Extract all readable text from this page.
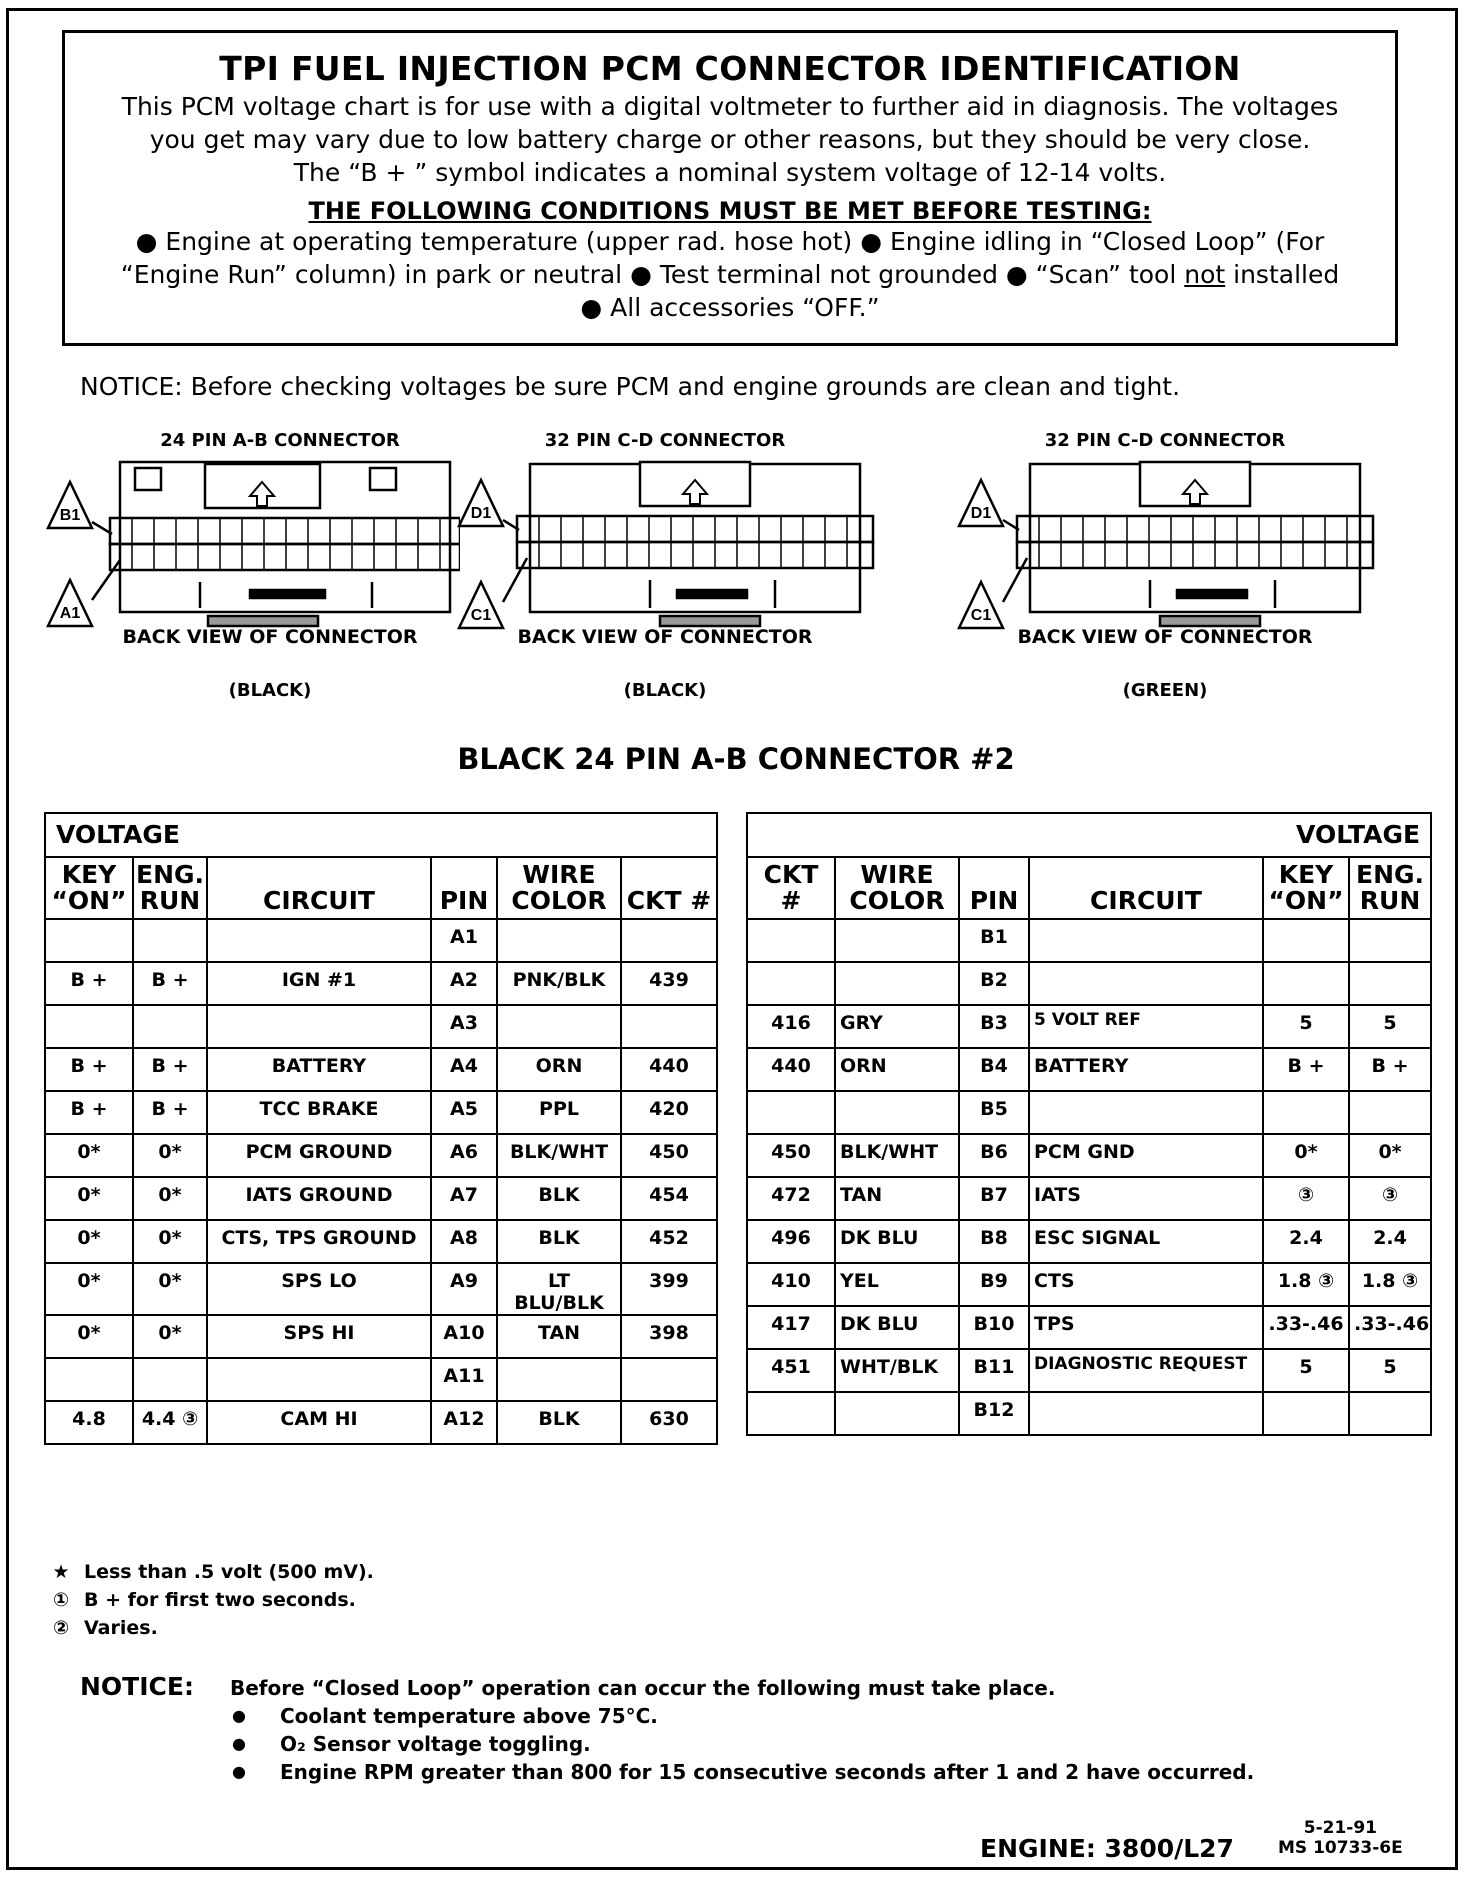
TPI FUEL INJECTION PCM CONNECTOR IDENTIFICATION
This PCM voltage chart is for use with a digital voltmeter to further aid in diagnosis. The voltages
you get may vary due to low battery charge or other reasons, but they should be very close.
The “B + ” symbol indicates a nominal system voltage of 12-14 volts.
THE FOLLOWING CONDITIONS MUST BE MET BEFORE TESTING:
● Engine at operating temperature (upper rad. hose hot) ● Engine idling in “Closed Loop” (For
“Engine Run” column) in park or neutral ● Test terminal not grounded ● “Scan” tool not installed
● All accessories “OFF.”
NOTICE: Before checking voltages be sure PCM and engine grounds are clean and tight.
24 PIN A-B CONNECTOR
B1
A1
BACK VIEW OF CONNECTOR
(BLACK)
32 PIN C-D CONNECTOR
D1
C1
BACK VIEW OF CONNECTOR
(BLACK)
32 PIN C-D CONNECTOR
D1
C1
BACK VIEW OF CONNECTOR
(GREEN)
BLACK 24 PIN A-B CONNECTOR #2
VOLTAGE					
KEY “ON”	ENG. RUN	CIRCUIT	PIN	WIRE COLOR	CKT #
			A1		
B +	B +	IGN #1	A2	PNK/BLK	439
			A3		
B +	B +	BATTERY	A4	ORN	440
B +	B +	TCC BRAKE	A5	PPL	420
0*	0*	PCM GROUND	A6	BLK/WHT	450
0*	0*	IATS GROUND	A7	BLK	454
0*	0*	CTS, TPS GROUND	A8	BLK	452
0*	0*	SPS LO	A9	LT BLU/BLK	399
0*	0*	SPS HI	A10	TAN	398
			A11		
4.8	4.4 ③	CAM HI	A12	BLK	630
VOLTAGE					
CKT #	WIRE COLOR	PIN	CIRCUIT	KEY “ON”	ENG. RUN
		B1			
		B2			
416	GRY	B3	5 VOLT REF	5	5
440	ORN	B4	BATTERY	B +	B +
		B5			
450	BLK/WHT	B6	PCM GND	0*	0*
472	TAN	B7	IATS	③	③
496	DK BLU	B8	ESC SIGNAL	2.4	2.4
410	YEL	B9	CTS	1.8 ③	1.8 ③
417	DK BLU	B10	TPS	.33-.46	.33-.46
451	WHT/BLK	B11	DIAGNOSTIC REQUEST	5	5
		B12			
★ Less than .5 volt (500 mV).
① B + for first two seconds.
② Varies.
NOTICE: Before “Closed Loop” operation can occur the following must take place.
● Coolant temperature above 75°C.
● O₂ Sensor voltage toggling.
● Engine RPM greater than 800 for 15 consecutive seconds after 1 and 2 have occurred.
ENGINE: 3800/L27
5-21-91
MS 10733-6E
